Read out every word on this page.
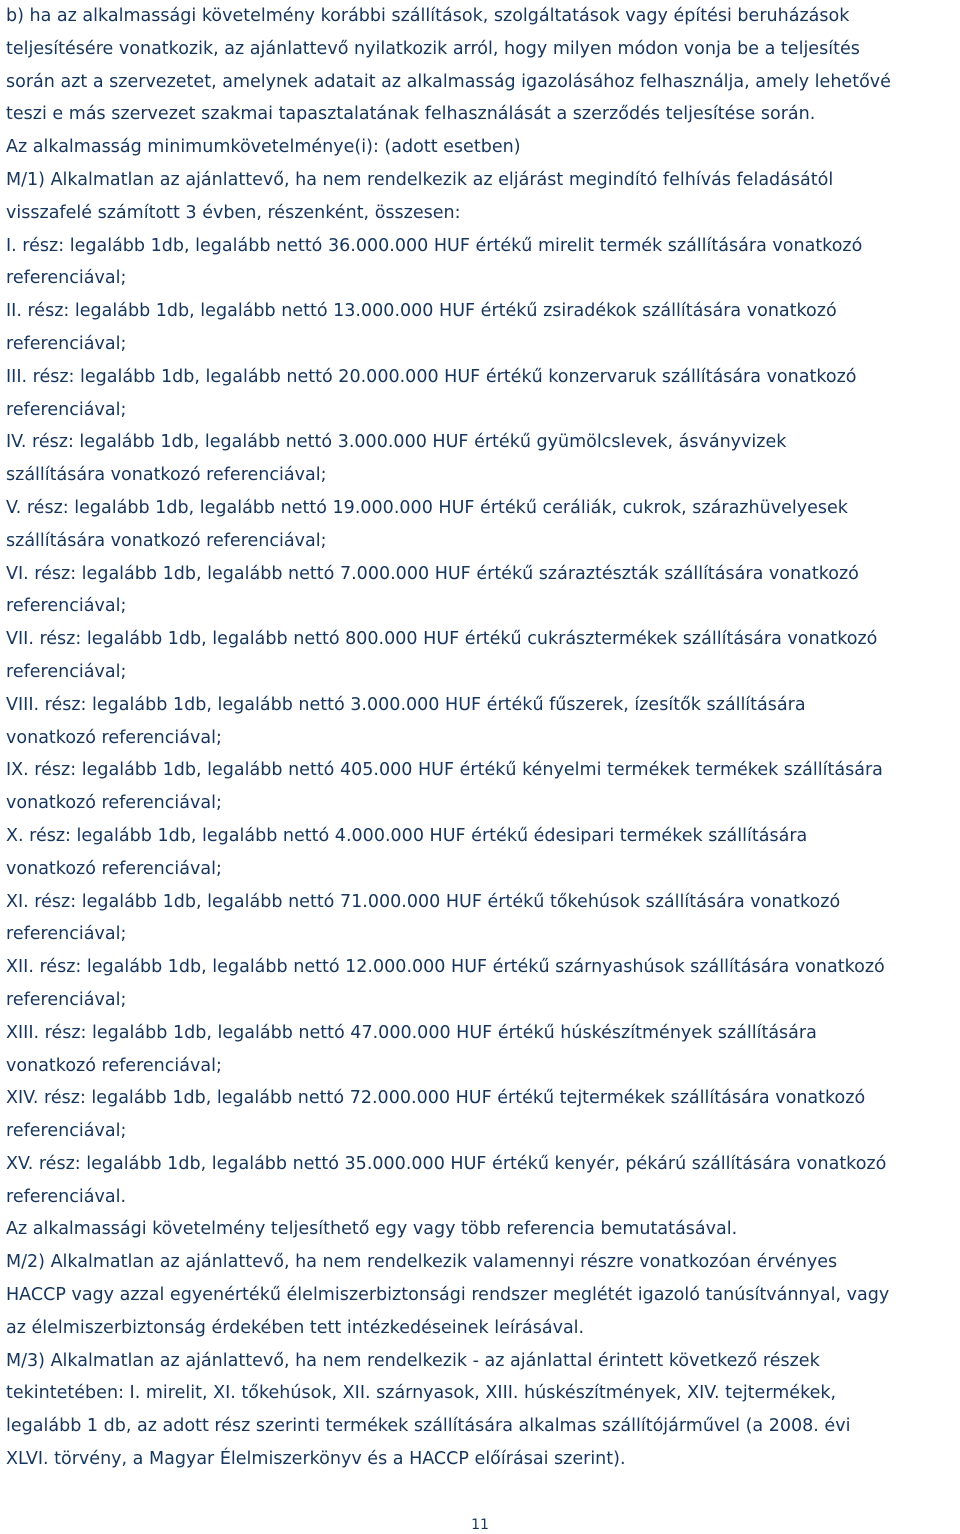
b) ha az alkalmassági követelmény korábbi szállítások, szolgáltatások vagy építési beruházások
teljesítésére vonatkozik, az ajánlattevő nyilatkozik arról, hogy milyen módon vonja be a teljesítés
során azt a szervezetet, amelynek adatait az alkalmasság igazolásához felhasználja, amely lehetővé
teszi e más szervezet szakmai tapasztalatának felhasználását a szerződés teljesítése során.
Az alkalmasság minimumkövetelménye(i): (adott esetben)
M/1) Alkalmatlan az ajánlattevő, ha nem rendelkezik az eljárást megindító felhívás feladásától
visszafelé számított 3 évben, részenként, összesen:
I. rész: legalább 1db, legalább nettó 36.000.000 HUF értékű mirelit termék szállítására vonatkozó
referenciával;
II. rész: legalább 1db, legalább nettó 13.000.000 HUF értékű zsiradékok szállítására vonatkozó
referenciával;
III. rész: legalább 1db, legalább nettó 20.000.000 HUF értékű konzervaruk szállítására vonatkozó
referenciával;
IV. rész: legalább 1db, legalább nettó 3.000.000 HUF értékű gyümölcslevek, ásványvizek
szállítására vonatkozó referenciával;
V. rész: legalább 1db, legalább nettó 19.000.000 HUF értékű ceráliák, cukrok, szárazhüvelyesek
szállítására vonatkozó referenciával;
VI. rész: legalább 1db, legalább nettó 7.000.000 HUF értékű száraztészták szállítására vonatkozó
referenciával;
VII. rész: legalább 1db, legalább nettó 800.000 HUF értékű cukrásztermékek szállítására vonatkozó
referenciával;
VIII. rész: legalább 1db, legalább nettó 3.000.000 HUF értékű fűszerek, ízesítők szállítására
vonatkozó referenciával;
IX. rész: legalább 1db, legalább nettó 405.000 HUF értékű kényelmi termékek termékek szállítására
vonatkozó referenciával;
X. rész: legalább 1db, legalább nettó 4.000.000 HUF értékű édesipari termékek szállítására
vonatkozó referenciával;
XI. rész: legalább 1db, legalább nettó 71.000.000 HUF értékű tőkehúsok szállítására vonatkozó
referenciával;
XII. rész: legalább 1db, legalább nettó 12.000.000 HUF értékű szárnyashúsok szállítására vonatkozó
referenciával;
XIII. rész: legalább 1db, legalább nettó 47.000.000 HUF értékű húskészítmények szállítására
vonatkozó referenciával;
XIV. rész: legalább 1db, legalább nettó 72.000.000 HUF értékű tejtermékek szállítására vonatkozó
referenciával;
XV. rész: legalább 1db, legalább nettó 35.000.000 HUF értékű kenyér, pékárú szállítására vonatkozó
referenciával.
Az alkalmassági követelmény teljesíthető egy vagy több referencia bemutatásával.
M/2) Alkalmatlan az ajánlattevő, ha nem rendelkezik valamennyi részre vonatkozóan érvényes
HACCP vagy azzal egyenértékű élelmiszerbiztonsági rendszer meglétét igazoló tanúsítvánnyal, vagy
az élelmiszerbiztonság érdekében tett intézkedéseinek leírásával.
M/3) Alkalmatlan az ajánlattevő, ha nem rendelkezik - az ajánlattal érintett következő részek
tekintetében: I. mirelit, XI. tőkehúsok, XII. szárnyasok, XIII. húskészítmények, XIV. tejtermékek,
legalább 1 db, az adott rész szerinti termékek szállítására alkalmas szállítójárművel (a 2008. évi
XLVI. törvény, a Magyar Élelmiszerkönyv és a HACCP előírásai szerint).
11
